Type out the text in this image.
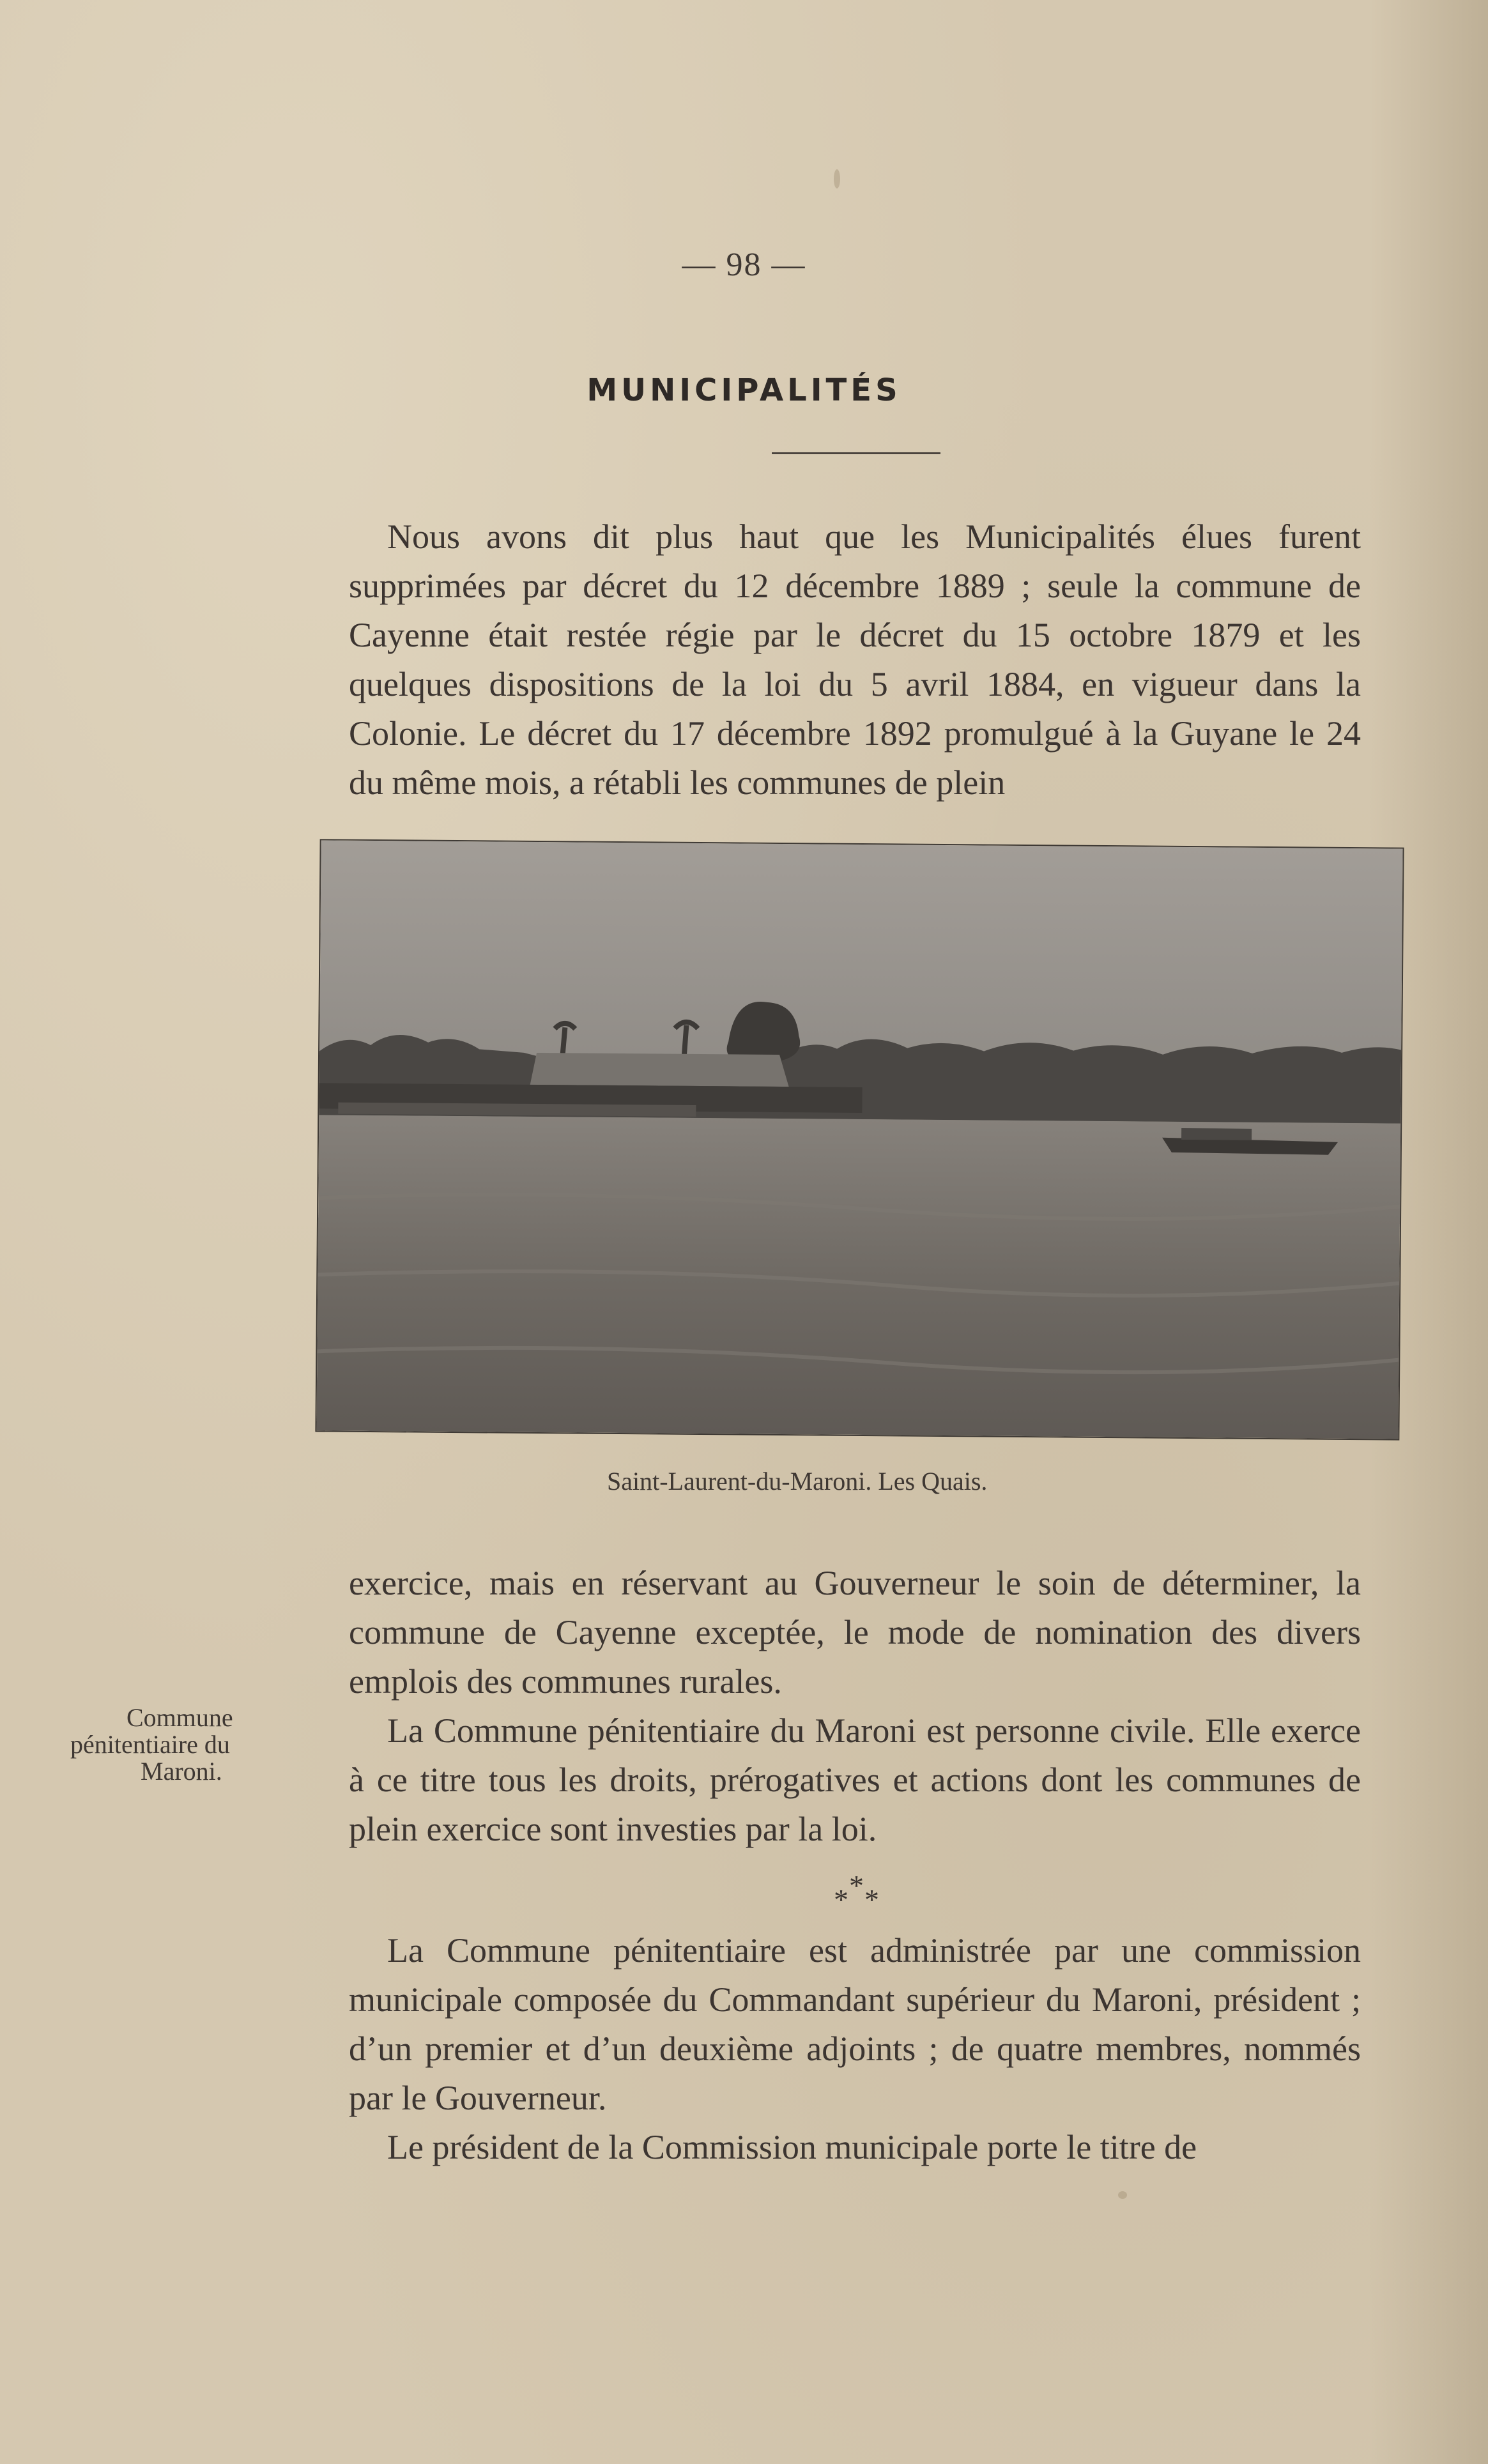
— 98 —
MUNICIPALITÉS

Nous avons dit plus haut que les Municipalités élues furent supprimées par décret du 12 décembre 1889 ; seule la commune de Cayenne était restée régie par le décret du 15 octobre 1879 et les quelques dispositions de la loi du 5 avril 1884, en vigueur dans la Colonie. Le décret du 17 décembre 1892 promulgué à la Guyane le 24 du même mois, a rétabli les communes de plein

Saint-Laurent-du-Maroni. Les Quais.

exercice, mais en réservant au Gouverneur le soin de déterminer, la commune de Cayenne exceptée, le mode de nomination des divers emplois des communes rurales.

La Commune pénitentiaire du Maroni est personne civile. Elle exerce à ce titre tous les droits, prérogatives et actions dont les communes de plein exercice sont investies par la loi.

Commune
pénitentiaire du
Maroni.
*
* *

La Commune pénitentiaire est administrée par une commission municipale composée du Commandant supérieur du Maroni, président ; d’un premier et d’un deuxième adjoints ; de quatre membres, nommés par le Gouverneur.

Le président de la Commission municipale porte le titre de
